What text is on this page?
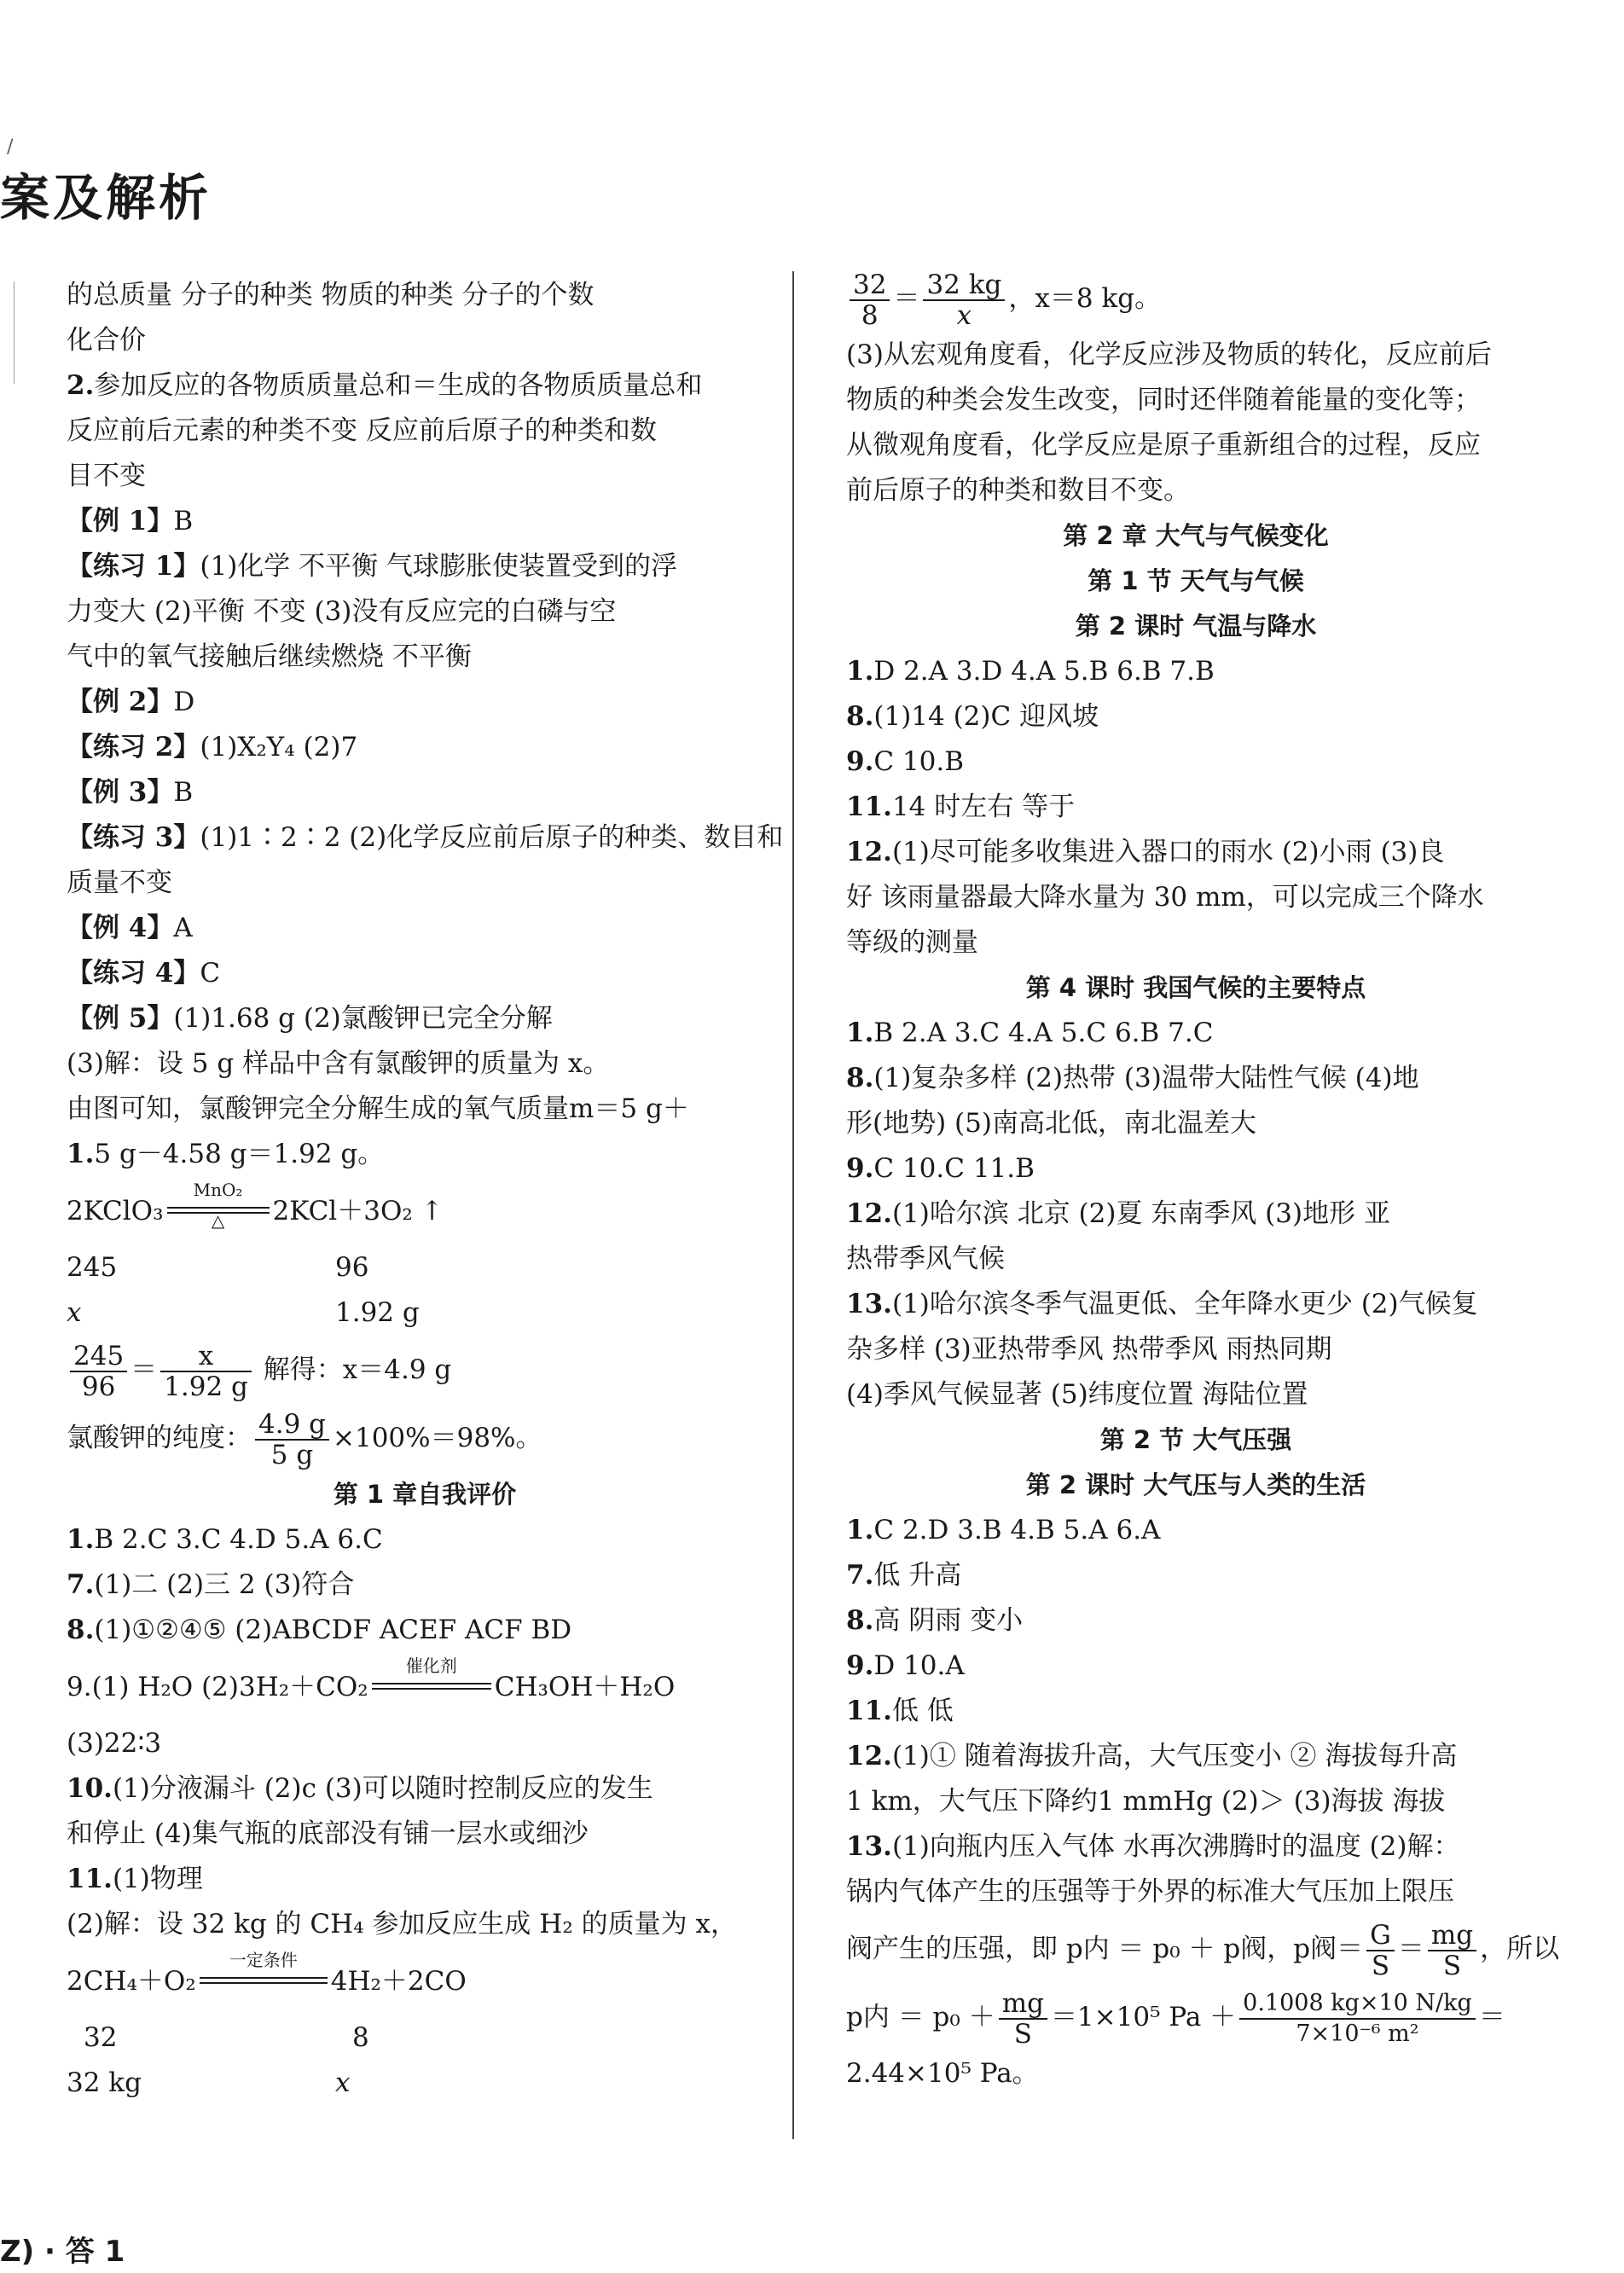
/
案及解析
的总质量 分子的种类 物质的种类 分子的个数
化合价
2.参加反应的各物质质量总和＝生成的各物质质量总和
反应前后元素的种类不变 反应前后原子的种类和数
目不变
【例 1】B
【练习 1】(1)化学 不平衡 气球膨胀使装置受到的浮
力变大 (2)平衡 不变 (3)没有反应完的白磷与空
气中的氧气接触后继续燃烧 不平衡
【例 2】D
【练习 2】(1)X₂Y₄ (2)7
【例 3】B
【练习 3】(1)1∶2∶2 (2)化学反应前后原子的种类、数目和
质量不变
【例 4】A
【练习 4】C
【例 5】(1)1.68 g (2)氯酸钾已完全分解
(3)解：设 5 g 样品中含有氯酸钾的质量为 x。
由图可知，氯酸钾完全分解生成的氧气质量m＝5 g＋
1.5 g－4.58 g＝1.92 g。
2KClO₃
MnO₂
△	2KCl＋3O₂ ↑
245	96
x	1.92 g
$\frac{245}{96} = \frac{x}{1.92 g}$ 解得：x＝4.9 g
氯酸钾的纯度： $\frac{4.9 g}{5 g} \times 100\%=98\%$。
第 1 章自我评价
1.B 2.C 3.C 4.D 5.A 6.C
7.(1)二 (2)三 2 (3)符合
8.(1)①②④⑤ (2)ABCDF ACEF ACF BD
9.(1) H₂O (2)3H₂＋CO₂
催化剂
CH₃OH＋H₂O
(3)22∶3
10.(1)分液漏斗 (2)c (3)可以随时控制反应的发生
和停止 (4)集气瓶的底部没有铺一层水或细沙
11.(1)物理
(2)解：设 32 kg 的 CH₄ 参加反应生成 H₂ 的质量为 x，
2CH₄＋O₂
一定条件
4H₂＋2CO
32	8
32 kg	x
$\frac{32}{8} = \frac{32 kg}{x}$ ，x＝8 kg。
(3)从宏观角度看，化学反应涉及物质的转化，反应前后
物质的种类会发生改变，同时还伴随着能量的变化等；
从微观角度看，化学反应是原子重新组合的过程，反应
前后原子的种类和数目不变。
第 2 章 大气与气候变化
第 1 节 天气与气候
第 2 课时 气温与降水
1.D 2.A 3.D 4.A 5.B 6.B 7.B
8.(1)14 (2)C 迎风坡
9.C 10.B
11.14 时左右 等于
12.(1)尽可能多收集进入器口的雨水 (2)小雨 (3)良
好 该雨量器最大降水量为 30 mm，可以完成三个降水
等级的测量
第 4 课时 我国气候的主要特点
1.B 2.A 3.C 4.A 5.C 6.B 7.C
8.(1)复杂多样 (2)热带 (3)温带大陆性气候 (4)地
形(地势) (5)南高北低，南北温差大
9.C 10.C 11.B
12.(1)哈尔滨 北京 (2)夏 东南季风 (3)地形 亚
热带季风气候
13.(1)哈尔滨冬季气温更低、全年降水更少 (2)气候复
杂多样 (3)亚热带季风 热带季风 雨热同期
(4)季风气候显著 (5)纬度位置 海陆位置
第 2 节 大气压强
第 2 课时 大气压与人类的生活
1.C 2.D 3.B 4.B 5.A 6.A
7.低 升高
8.高 阴雨 变小
9.D 10.A
11.低 低
12.(1)① 随着海拔升高，大气压变小 ② 海拔每升高
1 km，大气压下降约1 mmHg (2)＞ (3)海拔 海拔
13.(1)向瓶内压入气体 水再次沸腾时的温度 (2)解：
锅内气体产生的压强等于外界的标准大气压加上限压
阀产生的压强，即 p内 ＝ p₀ ＋ p阀，p阀＝ $\frac{G}{S} = \frac{mg}{S}$ ，所以
p内 ＝ $p_0 + \frac{mg}{S} =1\times 10^5$ $Pa + \frac{0.1008 kg\times 10 N/kg}{\text{7×10⁻⁶ m²}}$ ＝
2.44×10⁵ Pa。
Z) · 答 1
